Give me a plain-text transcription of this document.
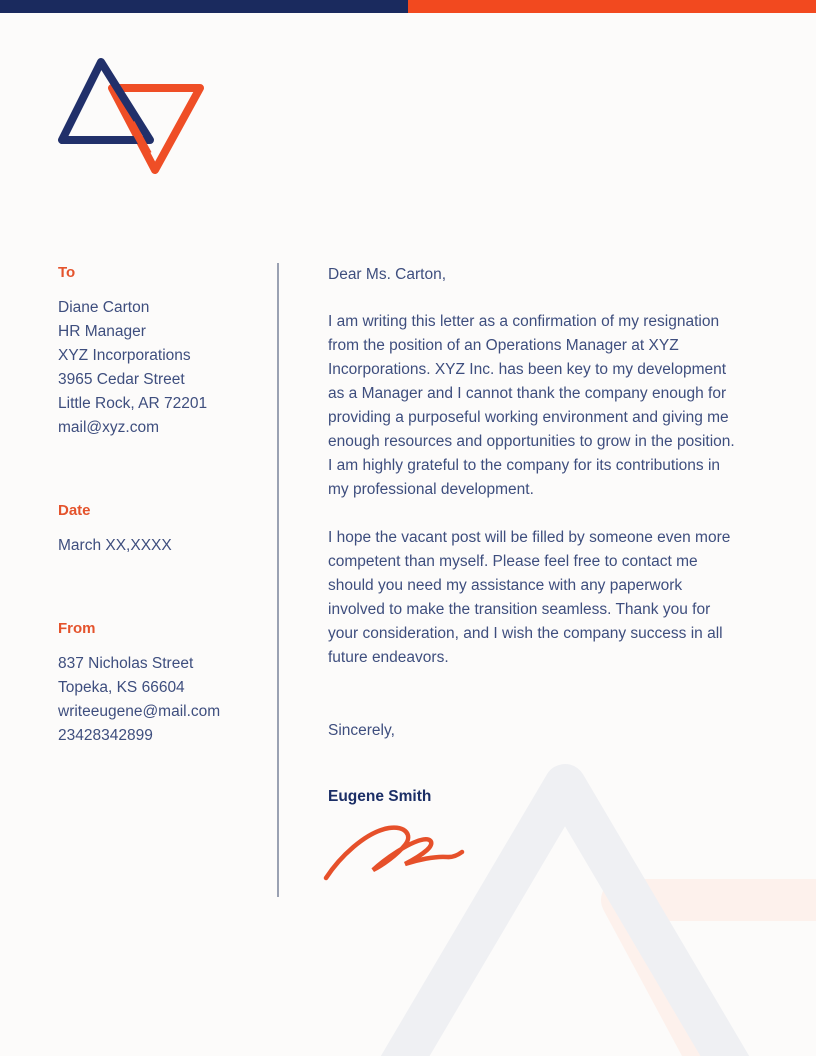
To

Diane Carton

HR Manager

XYZ Incorporations

3965 Cedar Street

Little Rock, AR 72201

mail@xyz.com

Date

March XX,XXXX

From

837 Nicholas Street

Topeka, KS 66604

writeeugene@mail.com

23428342899

Dear Ms. Carton,

I am writing this letter as a confirmation of my resignation from the position of an Operations Manager at XYZ Incorporations. XYZ Inc. has been key to my development as a Manager and I cannot thank the company enough for providing a purposeful working environment and giving me enough resources and opportunities to grow in the position. I am highly grateful to the company for its contributions in my professional development.

I hope the vacant post will be filled by someone even more competent than myself. Please feel free to contact me should you need my assistance with any paperwork involved to make the transition seamless. Thank you for your consideration, and I wish the company success in all future endeavors.

Sincerely,

Eugene Smith
